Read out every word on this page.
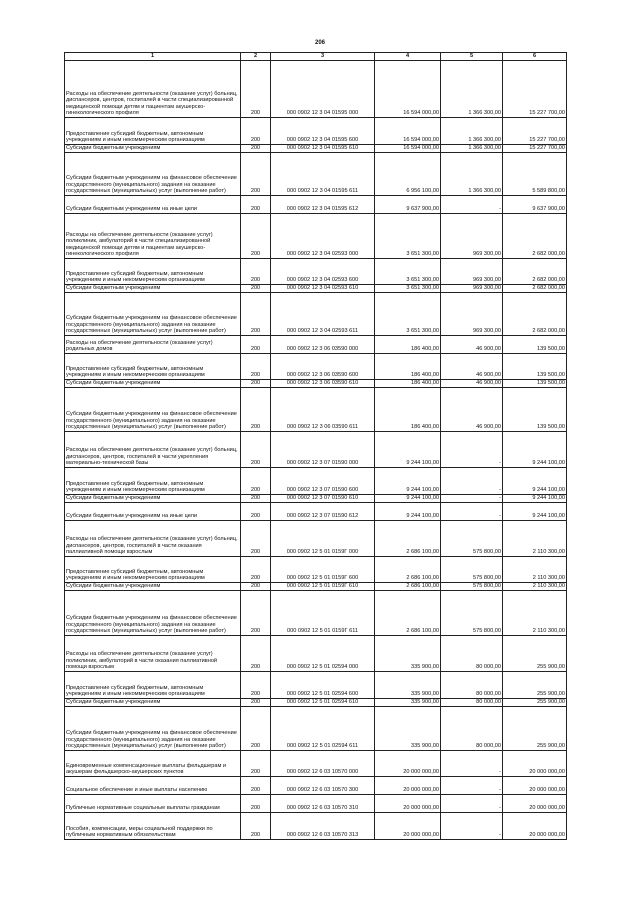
206
1	2	3	4	5	6
Расходы на обеспечение деятельности (оказание услуг) больниц, диспансеров, центров, госпиталей в части специализированной медицинской помощи детям и пациентам акушерско-гинекологического профиля	200	000 0902 12 3 04 01595 000	16 594 000,00	1 366 300,00	15 227 700,00
Предоставление субсидий бюджетным, автономным учреждениям и иным некоммерческим организациям	200	000 0902 12 3 04 01595 600	16 594 000,00	1 366 300,00	15 227 700,00
Субсидии бюджетным учреждениям	200	000 0902 12 3 04 01595 610	16 594 000,00	1 366 300,00	15 227 700,00
Субсидии бюджетным учреждениям на финансовое обеспечение государственного (муниципального) задания на оказание государственных (муниципальных) услуг (выполнение работ)	200	000 0902 12 3 04 01595 611	6 956 100,00	1 366 300,00	5 589 800,00
Субсидии бюджетным учреждениям на иные цели	200	000 0902 12 3 04 01595 612	9 637 900,00	-	9 637 900,00
Расходы на обеспечение деятельности (оказание услуг) поликлиник, амбулаторий в части специализированной медицинской помощи детям и пациентам акушерско-гинекологического профиля	200	000 0902 12 3 04 02593 000	3 651 300,00	969 300,00	2 682 000,00
Предоставление субсидий бюджетным, автономным учреждениям и иным некоммерческим организациям	200	000 0902 12 3 04 02593 600	3 651 300,00	969 300,00	2 682 000,00
Субсидии бюджетным учреждениям	200	000 0902 12 3 04 02593 610	3 651 300,00	969 300,00	2 682 000,00
Субсидии бюджетным учреждениям на финансовое обеспечение государственного (муниципального) задания на оказание государственных (муниципальных) услуг (выполнение работ)	200	000 0902 12 3 04 02593 611	3 651 300,00	969 300,00	2 682 000,00
Расходы на обеспечение деятельности (оказание услуг) родильных домов	200	000 0902 12 3 06 03590 000	186 400,00	46 900,00	139 500,00
Предоставление субсидий бюджетным, автономным учреждениям и иным некоммерческим организациям	200	000 0902 12 3 06 03590 600	186 400,00	46 900,00	139 500,00
Субсидии бюджетным учреждениям	200	000 0902 12 3 06 03590 610	186 400,00	46 900,00	139 500,00
Субсидии бюджетным учреждениям на финансовое обеспечение государственного (муниципального) задания на оказание государственных (муниципальных) услуг (выполнение работ)	200	000 0902 12 3 06 03590 611	186 400,00	46 900,00	139 500,00
Расходы на обеспечение деятельности (оказание услуг) больниц, диспансеров, центров, госпиталей в части укрепления материально-технической базы	200	000 0902 12 3 07 01590 000	9 244 100,00	-	9 244 100,00
Предоставление субсидий бюджетным, автономным учреждениям и иным некоммерческим организациям	200	000 0902 12 3 07 01590 600	9 244 100,00	-	9 244 100,00
Субсидии бюджетным учреждениям	200	000 0902 12 3 07 01590 610	9 244 100,00	-	9 244 100,00
Субсидии бюджетным учреждениям на иные цели	200	000 0902 12 3 07 01590 612	9 244 100,00	-	9 244 100,00
Расходы на обеспечение деятельности (оказание услуг) больниц, диспансеров, центров, госпиталей в части оказания паллиативной помощи взрослым	200	000 0902 12 5 01 0159Г 000	2 686 100,00	575 800,00	2 110 300,00
Предоставление субсидий бюджетным, автономным учреждениям и иным некоммерческим организациям	200	000 0902 12 5 01 0159Г 600	2 686 100,00	575 800,00	2 110 300,00
Субсидии бюджетным учреждениям	200	000 0902 12 5 01 0159Г 610	2 686 100,00	575 800,00	2 110 300,00
Субсидии бюджетным учреждениям на финансовое обеспечение государственного (муниципального) задания на оказание государственных (муниципальных) услуг (выполнение работ)	200	000 0902 12 5 01 0159Г 611	2 686 100,00	575 800,00	2 110 300,00
Расходы на обеспечение деятельности (оказание услуг) поликлиник, амбулаторий в части оказания паллиативной помощи взрослым	200	000 0902 12 5 01 02594 000	335 900,00	80 000,00	255 900,00
Предоставление субсидий бюджетным, автономным учреждениям и иным некоммерческим организациям	200	000 0902 12 5 01 02594 600	335 900,00	80 000,00	255 900,00
Субсидии бюджетным учреждениям	200	000 0902 12 5 01 02594 610	335 900,00	80 000,00	255 900,00
Субсидии бюджетным учреждениям на финансовое обеспечение государственного (муниципального) задания на оказание государственных (муниципальных) услуг (выполнение работ)	200	000 0902 12 5 01 02594 611	335 900,00	80 000,00	255 900,00
Единовременные компенсационные выплаты фельдшерам и акушерам фельдшерско-акушерских пунктов	200	000 0902 12 6 03 10570 000	20 000 000,00	-	20 000 000,00
Социальное обеспечение и иные выплаты населению	200	000 0902 12 6 03 10570 300	20 000 000,00	-	20 000 000,00
Публичные нормативные социальные выплаты гражданам	200	000 0902 12 6 03 10570 310	20 000 000,00	-	20 000 000,00
Пособия, компенсации, меры социальной поддержки по публичным нормативным обязательствам	200	000 0902 12 6 03 10570 313	20 000 000,00	-	20 000 000,00
